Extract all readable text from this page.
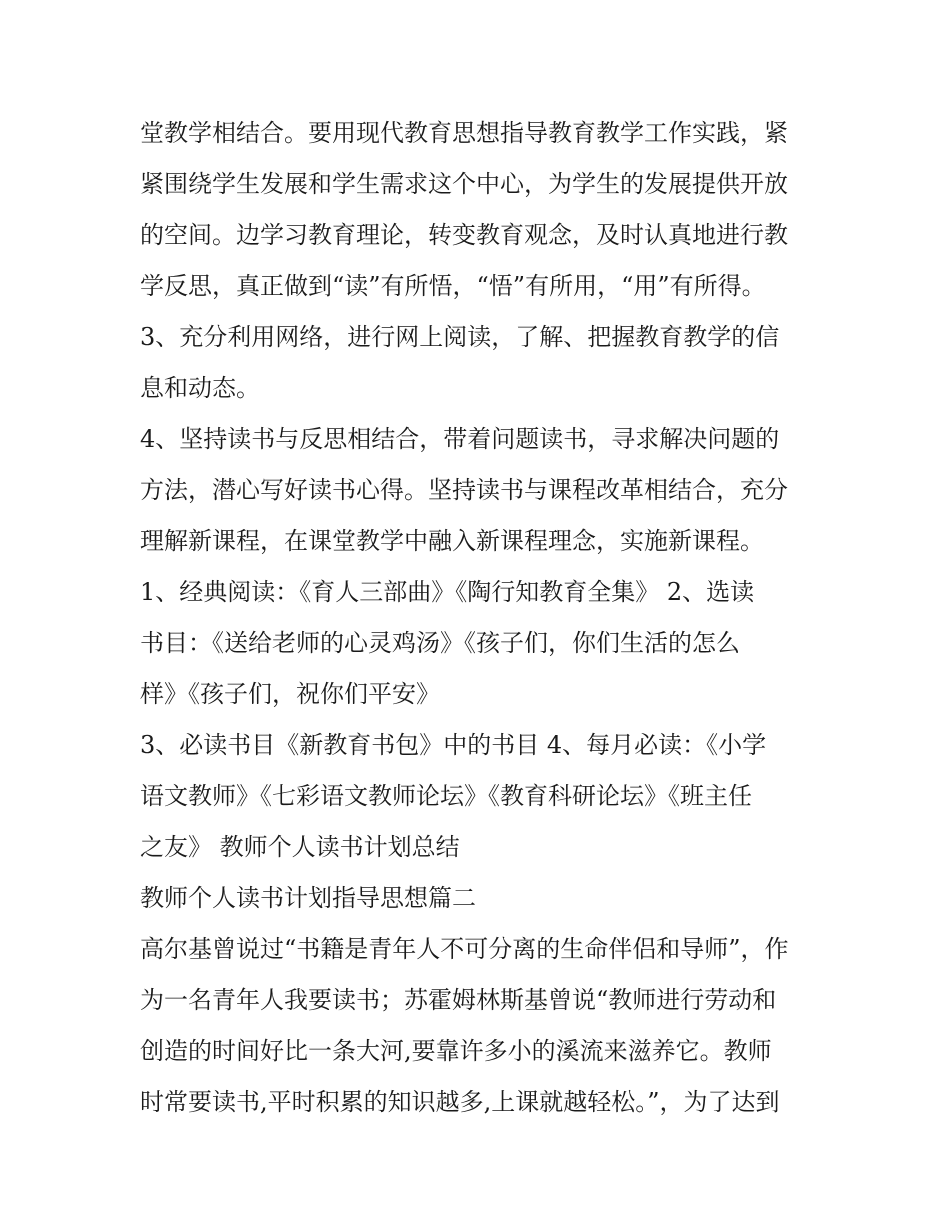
堂教学相结合。要用现代教育思想指导教育教学工作实践，紧
紧围绕学生发展和学生需求这个中心，为学生的发展提供开放
的空间。边学习教育理论，转变教育观念，及时认真地进行教
学反思，真正做到“读”有所悟，“悟”有所用，“用”有所得。
3、充分利用网络，进行网上阅读，了解、把握教育教学的信
息和动态。
4、坚持读书与反思相结合，带着问题读书，寻求解决问题的
方法，潜心写好读书心得。坚持读书与课程改革相结合，充分
理解新课程，在课堂教学中融入新课程理念，实施新课程。
1、经典阅读：《育人三部曲》《陶行知教育全集》 2、选读
书目：《送给老师的心灵鸡汤》《孩子们，你们生活的怎么
样》《孩子们，祝你们平安》
3、必读书目《新教育书包》中的书目 4、每月必读：《小学
语文教师》《七彩语文教师论坛》《教育科研论坛》《班主任
之友》 教师个人读书计划总结
教师个人读书计划指导思想篇二
高尔基曾说过“书籍是青年人不可分离的生命伴侣和导师”，作
为一名青年人我要读书；苏霍姆林斯基曾说“教师进行劳动和
创造的时间好比一条大河,要靠许多小的溪流来滋养它。教师
时常要读书,平时积累的知识越多,上课就越轻松。”，为了达到
